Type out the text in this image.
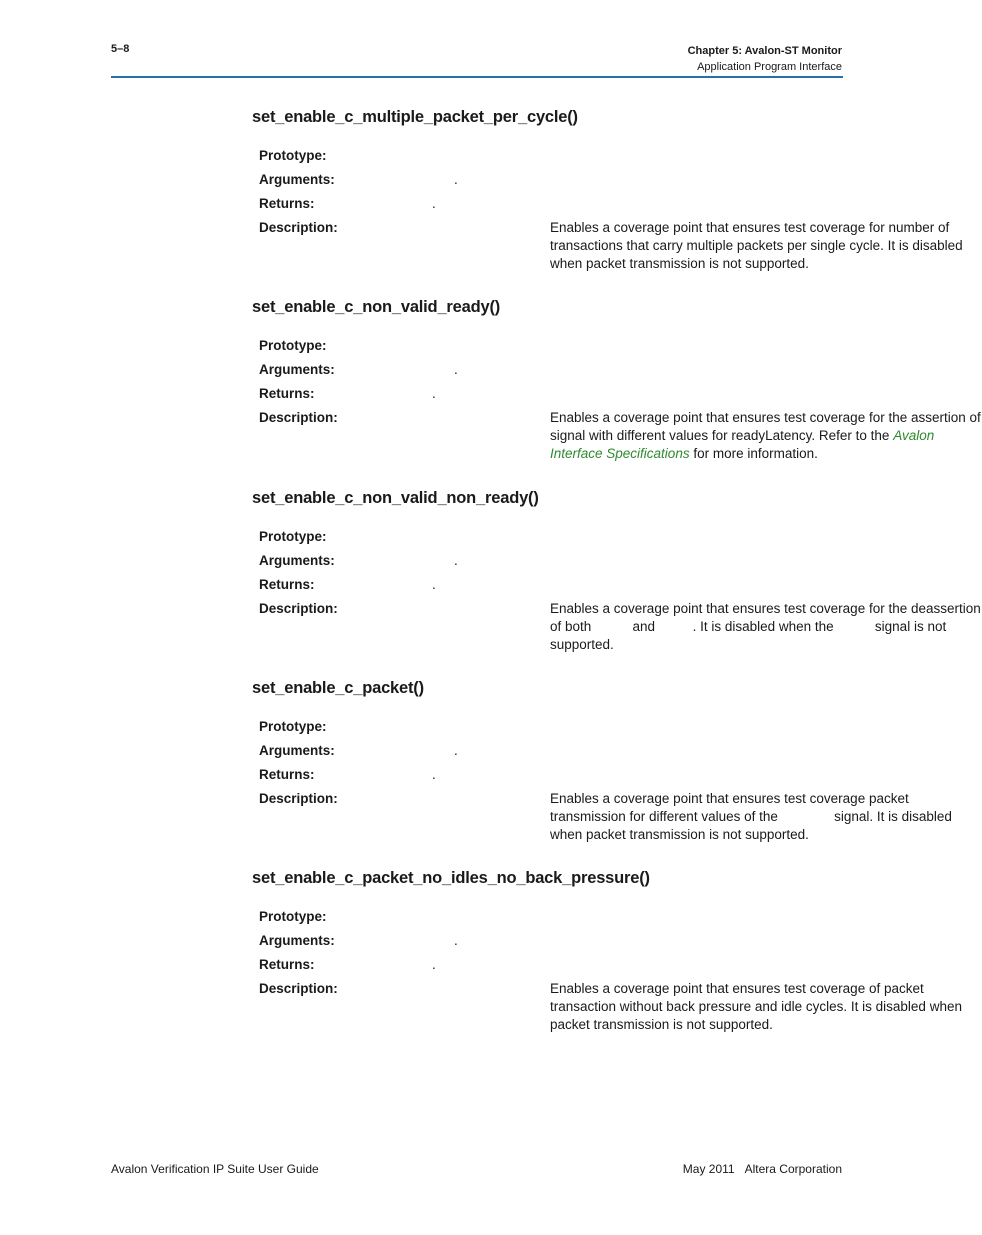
5–8	Chapter 5: Avalon-ST Monitor
Application Program Interface
set_enable_c_multiple_packet_per_cycle()
Prototype:
Arguments:	.
Returns:	.
Description:	Enables a coverage point that ensures test coverage for number of transactions that carry multiple packets per single cycle. It is disabled when packet transmission is not supported.
set_enable_c_non_valid_ready()
Prototype:
Arguments:	.
Returns:	.
Description:	Enables a coverage point that ensures test coverage for the assertion of            signal with different values for readyLatency. Refer to the Avalon Interface Specifications for more information.
set_enable_c_non_valid_non_ready()
Prototype:
Arguments:	.
Returns:	.
Description:	Enables a coverage point that ensures test coverage for the deassertion of both           and          . It is disabled when the           signal is not supported.
set_enable_c_packet()
Prototype:
Arguments:	.
Returns:	.
Description:	Enables a coverage point that ensures test coverage packet transmission for different values of the               signal. It is disabled when packet transmission is not supported.
set_enable_c_packet_no_idles_no_back_pressure()
Prototype:
Arguments:	.
Returns:	.
Description:	Enables a coverage point that ensures test coverage of packet transaction without back pressure and idle cycles. It is disabled when packet transmission is not supported.
Avalon Verification IP Suite User Guide	May 2011 Altera Corporation
